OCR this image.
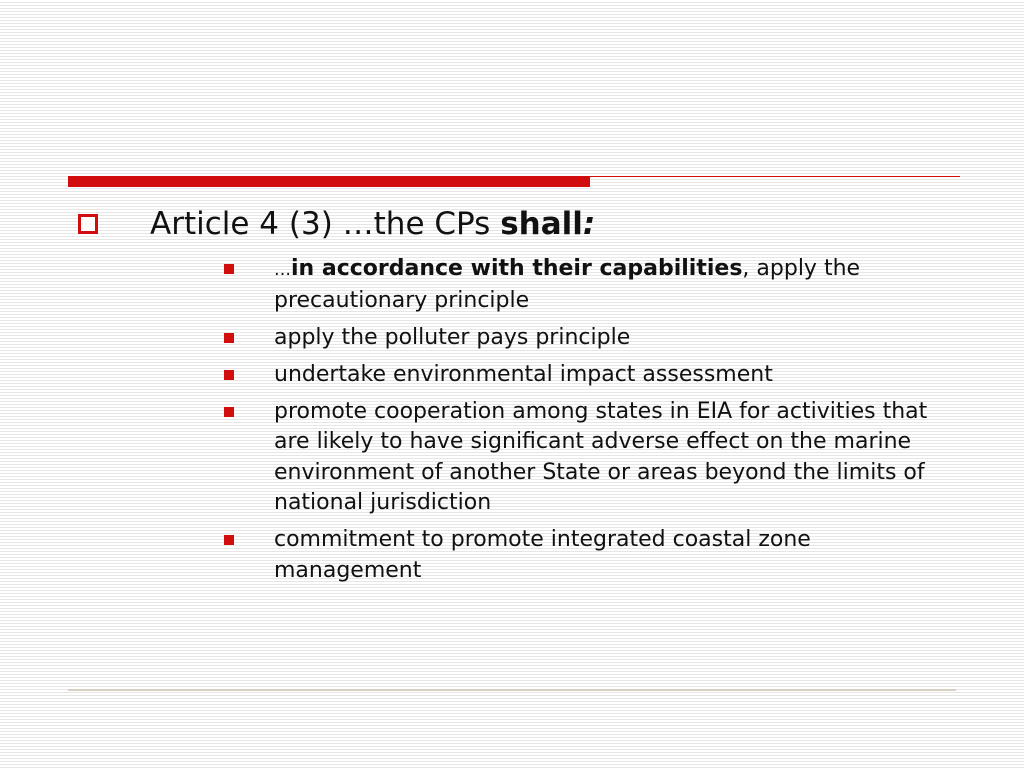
Article 4 (3) …the CPs shall:
…in accordance with their capabilities, apply the precautionary principle
apply the polluter pays principle
undertake environmental impact assessment
promote cooperation among states in EIA for activities that are likely to have significant adverse effect on the marine environment of another State or areas beyond the limits of national jurisdiction
commitment to promote integrated coastal zone management
